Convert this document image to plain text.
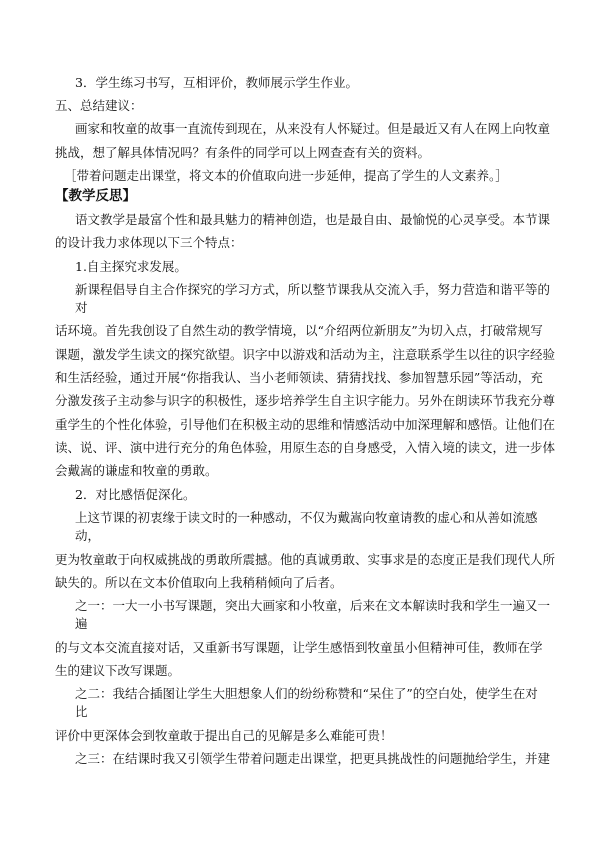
3．学生练习书写，互相评价，教师展示学生作业。
五、总结建议：
画家和牧童的故事一直流传到现在，从来没有人怀疑过。但是最近又有人在网上向牧童
挑战，想了解具体情况吗？有条件的同学可以上网查查有关的资料。
［带着问题走出课堂，将文本的价值取向进一步延伸，提高了学生的人文素养。］
【教学反思】
语文教学是最富个性和最具魅力的精神创造，也是最自由、最愉悦的心灵享受。本节课
的设计我力求体现以下三个特点：
1.自主探究求发展。
新课程倡导自主合作探究的学习方式，所以整节课我从交流入手，努力营造和谐平等的
对
话环境。首先我创设了自然生动的教学情境，以“介绍两位新朋友”为切入点，打破常规写
课题，激发学生读文的探究欲望。识字中以游戏和活动为主，注意联系学生以往的识字经验
和生活经验，通过开展“你指我认、当小老师领读、猜猜找找、参加智慧乐园”等活动，充
分激发孩子主动参与识字的积极性，逐步培养学生自主识字能力。另外在朗读环节我充分尊
重学生的个性化体验，引导他们在积极主动的思维和情感活动中加深理解和感悟。让他们在
读、说、评、演中进行充分的角色体验，用原生态的自身感受，入情入境的读文，进一步体
会戴嵩的谦虚和牧童的勇敢。
2．对比感悟促深化。
上这节课的初衷缘于读文时的一种感动，不仅为戴嵩向牧童请教的虚心和从善如流感
动，
更为牧童敢于向权威挑战的勇敢所震撼。他的真诚勇敢、实事求是的态度正是我们现代人所
缺失的。所以在文本价值取向上我稍稍倾向了后者。
之一：一大一小书写课题，突出大画家和小牧童，后来在文本解读时我和学生一遍又一
遍
的与文本交流直接对话，又重新书写课题，让学生感悟到牧童虽小但精神可佳，教师在学
生的建议下改写课题。
之二：我结合插图让学生大胆想象人们的纷纷称赞和“呆住了”的空白处，使学生在对
比
评价中更深体会到牧童敢于提出自己的见解是多么难能可贵！
之三：在结课时我又引领学生带着问题走出课堂，把更具挑战性的问题抛给学生，并建
